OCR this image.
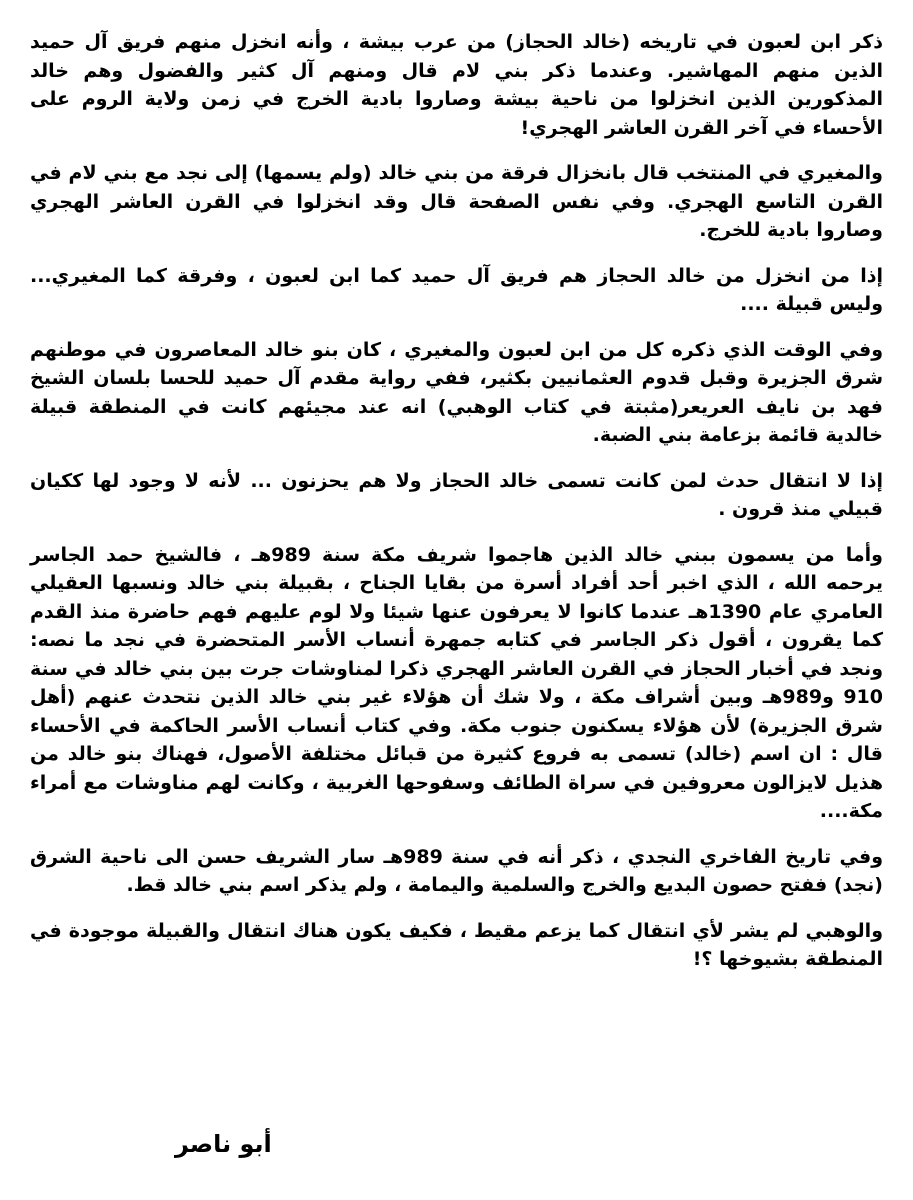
ذكر ابن لعبون في تاريخه (خالد الحجاز) من عرب بيشة ، وأنه انخزل منهم فريق آل حميد الذين منهم المهاشير. وعندما ذكر بني لام قال ومنهم آل كثير والفضول وهم خالد المذكورين الذين انخزلوا من ناحية بيشة وصاروا بادية الخرج في زمن ولاية الروم على الأحساء في آخر القرن العاشر الهجري!

والمغيري في المنتخب قال بانخزال فرقة من بني خالد (ولم يسمها) إلى نجد مع بني لام في القرن التاسع الهجري. وفي نفس الصفحة قال وقد انخزلوا في القرن العاشر الهجري وصاروا بادية للخرج.

إذا من انخزل من خالد الحجاز هم فريق آل حميد كما ابن لعبون ، وفرقة كما المغيري... وليس قبيلة ....

وفي الوقت الذي ذكره كل من ابن لعبون والمغيري ، كان بنو خالد المعاصرون في موطنهم شرق الجزيرة وقبل قدوم العثمانيين بكثير، ففي رواية مقدم آل حميد للحسا بلسان الشيخ فهد بن نايف العريعر(مثبتة في كتاب الوهبي) انه عند مجيئهم كانت في المنطقة قبيلة خالدية قائمة بزعامة بني الضبة.

إذا لا انتقال حدث لمن كانت تسمى خالد الحجاز ولا هم يحزنون ... لأنه لا وجود لها ككيان قبيلي منذ قرون .

وأما من يسمون ببني خالد الذين هاجموا شريف مكة سنة 989هـ ، فالشيخ حمد الجاسر يرحمه الله ، الذي اخبر أحد أفراد أسرة من بقايا الجناح ، بقبيلة بني خالد ونسبها العقيلي العامري عام 1390هـ عندما كانوا لا يعرفون عنها شيئا ولا لوم عليهم فهم حاضرة منذ القدم كما يقرون ، أقول ذكر الجاسر في كتابه جمهرة أنساب الأسر المتحضرة في نجد ما نصه: ونجد في أخبار الحجاز في القرن العاشر الهجري ذكرا لمناوشات جرت بين بني خالد في سنة 910 و989هـ وبين أشراف مكة ، ولا شك أن هؤلاء غير بني خالد الذين نتحدث عنهم (أهل شرق الجزيرة) لأن هؤلاء يسكنون جنوب مكة. وفي كتاب أنساب الأسر الحاكمة في الأحساء قال : ان اسم (خالد) تسمى به فروع كثيرة من قبائل مختلفة الأصول، فهناك بنو خالد من هذيل لايزالون معروفين في سراة الطائف وسفوحها الغربية ، وكانت لهم مناوشات مع أمراء مكة....

وفي تاريخ الفاخري النجدي ، ذكر أنه في سنة 989هـ سار الشريف حسن الى ناحية الشرق (نجد) ففتح حصون البديع والخرج والسلمية واليمامة ، ولم يذكر اسم بني خالد قط.

والوهبي لم يشر لأي انتقال كما يزعم مقيط ، فكيف يكون هناك انتقال والقبيلة موجودة في المنطقة بشيوخها ؟!

أبو ناصر
